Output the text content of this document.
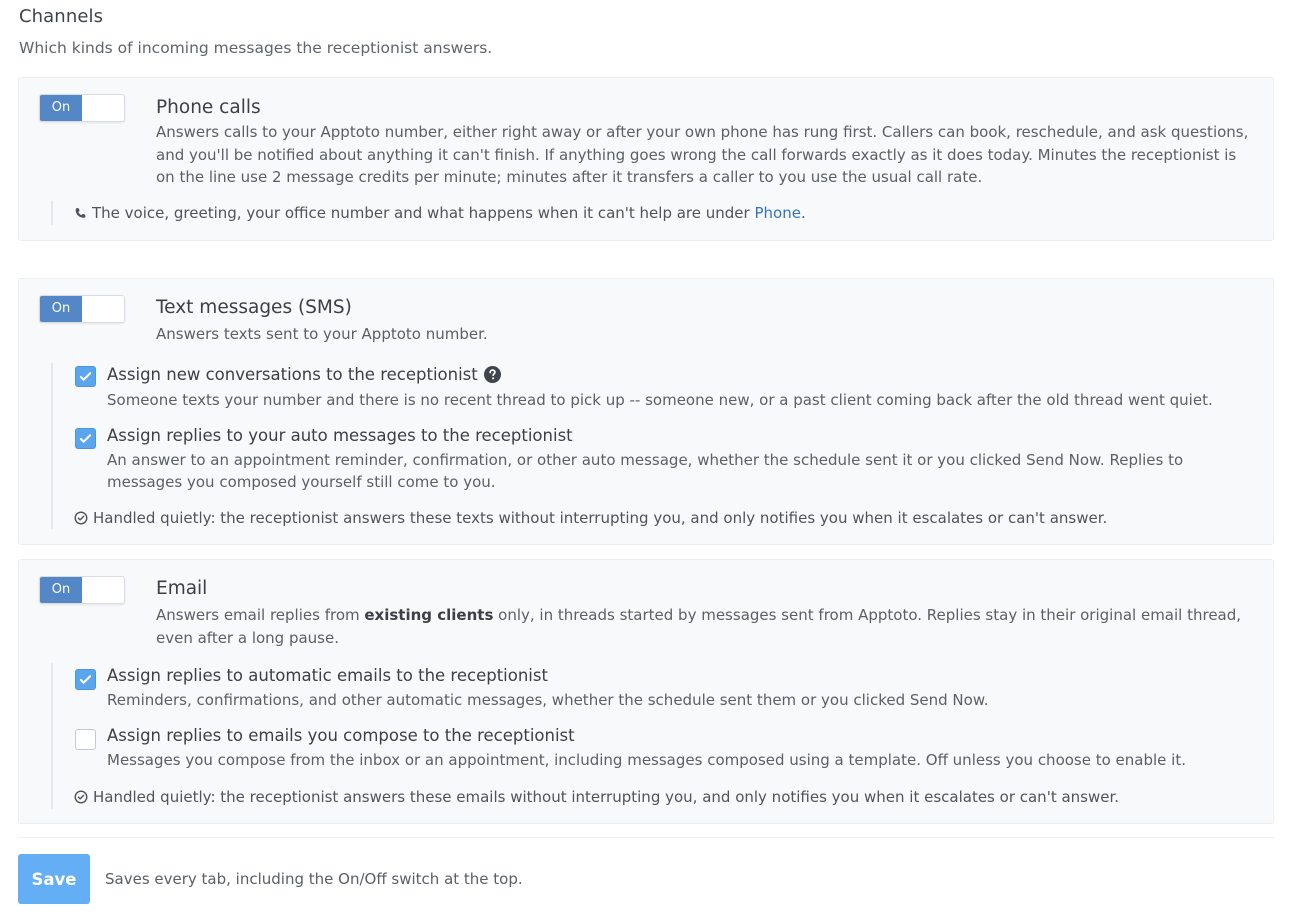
Channels
Which kinds of incoming messages the receptionist answers.
On	Phone calls
Answers calls to your Apptoto number, either right away or after your own phone has rung first. Callers can book, reschedule, and ask questions, and you'll be notified about anything it can't finish. If anything goes wrong the call forwards exactly as it does today. Minutes the receptionist is on the line use 2 message credits per minute; minutes after it transfers a caller to you use the usual call rate.
The voice, greeting, your office number and what happens when it can't help are under Phone .
On	Text messages (SMS)
Answers texts sent to your Apptoto number.
Assign new conversations to the receptionist
Someone texts your number and there is no recent thread to pick up -- someone new, or a past client coming back after the old thread went quiet.
Assign replies to your auto messages to the receptionist
An answer to an appointment reminder, confirmation, or other auto message, whether the schedule sent it or you clicked Send Now. Replies to messages you composed yourself still come to you.
Handled quietly: the receptionist answers these texts without interrupting you, and only notifies you when it escalates or can't answer.
On	Email
Answers email replies from existing clients only, in threads started by messages sent from Apptoto. Replies stay in their original email thread, even after a long pause.
Assign replies to automatic emails to the receptionist
Reminders, confirmations, and other automatic messages, whether the schedule sent them or you clicked Send Now.
Assign replies to emails you compose to the receptionist
Messages you compose from the inbox or an appointment, including messages composed using a template. Off unless you choose to enable it.
Handled quietly: the receptionist answers these emails without interrupting you, and only notifies you when it escalates or can't answer.
Save	Saves every tab, including the On/Off switch at the top.
